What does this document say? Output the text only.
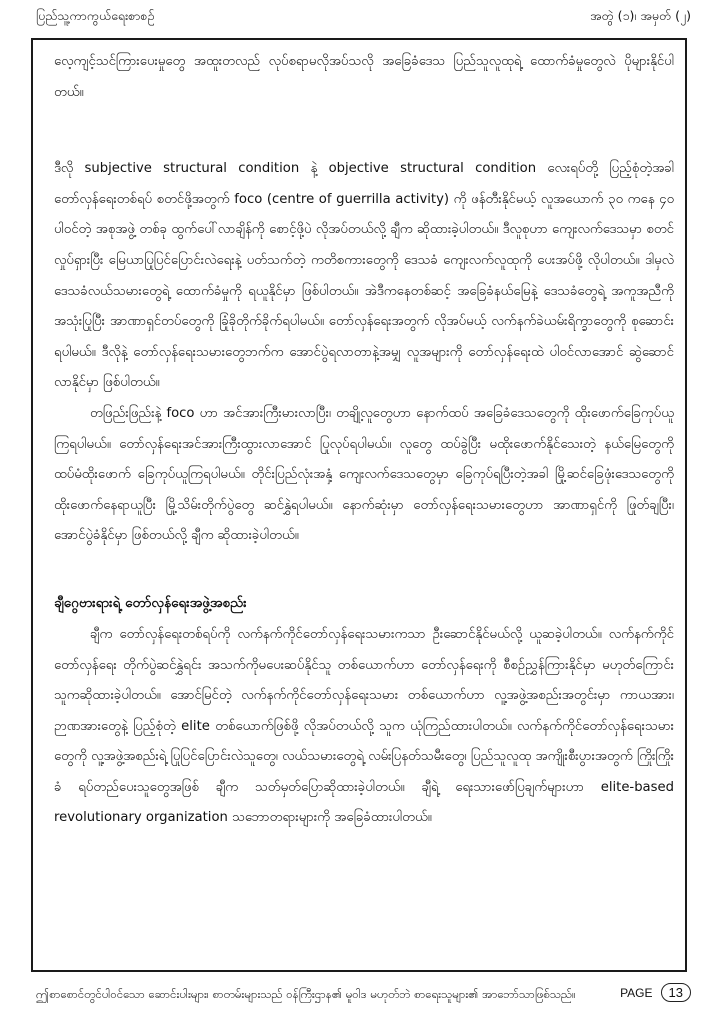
ပြည်သူ့ကာကွယ်ရေးစာစဉ်	အတွဲ (၁)၊ အမှတ် (၂)

လေ့ကျင့်သင်ကြားပေးမှုတွေ အထူးတလည် လုပ်စရာမလိုအပ်သလို အခြေခံဒေသ ပြည်သူလူထုရဲ့ ထောက်ခံမှုတွေလဲ ပိုများနိုင်ပါတယ်။

ဒီလို subjective structural condition နဲ့ objective structural condition လေးရပ်တို့ ပြည့်စုံတဲ့အခါ တော်လှန်ရေးတစ်ရပ် စတင်ဖို့အတွက် foco (centre of guerrilla activity) ကို ဖန်တီးနိုင်မယ့် လူအယောက် ၃၀ ကနေ ၄၀ ပါဝင်တဲ့ အစုအဖွဲ့ တစ်ခု ထွက်ပေါ်လာချိန်ကို စောင့်ဖို့ပဲ လိုအပ်တယ်လို့ ချီက ဆိုထားခဲ့ပါတယ်။ ဒီလူစုဟာ ကျေးလက်ဒေသမှာ စတင်လှုပ်ရှားပြီး မြေယာပြုပြင်ပြောင်းလဲရေးနဲ့ ပတ်သက်တဲ့ ကတိစကားတွေကို ဒေသခံ ကျေးလက်လူထုကို ပေးအပ်ဖို့ လိုပါတယ်။ ဒါမှလဲ ဒေသခံလယ်သမားတွေရဲ့ ထောက်ခံမှုကို ရယူနိုင်မှာ ဖြစ်ပါတယ်။ အဲဒီကနေတစ်ဆင့် အခြေခံနယ်မြေနဲ့ ဒေသခံတွေရဲ့ အကူအညီကို အသုံးပြုပြီး အာဏာရှင်တပ်တွေကို ခြုံခိုတိုက်ခိုက်ရပါမယ်။ တော်လှန်ရေးအတွက် လိုအပ်မယ့် လက်နက်ခဲယမ်းရိက္ခာတွေကို စုဆောင်းရပါမယ်။ ဒီလိုနဲ့ တော်လှန်ရေးသမားတွေဘက်က အောင်ပွဲရလာတာနဲ့အမျှ လူအများကို တော်လှန်ရေးထဲ ပါဝင်လာအောင် ဆွဲဆောင်လာနိုင်မှာ ဖြစ်ပါတယ်။

တဖြည်းဖြည်းနဲ့ foco ဟာ အင်အားကြီးမားလာပြီး၊ တချို့လူတွေဟာ နောက်ထပ် အခြေခံဒေသတွေကို ထိုးဖောက်ခြေကုပ်ယူကြရပါမယ်။ တော်လှန်ရေးအင်အားကြီးထွားလာအောင် ပြုလုပ်ရပါမယ်။ လူတွေ ထပ်ခွဲပြီး မထိုးဖောက်နိုင်သေးတဲ့ နယ်မြေတွေကို ထပ်မံထိုးဖောက် ခြေကုပ်ယူကြရပါမယ်။ တိုင်းပြည်လုံးအနှံ့ ကျေးလက်ဒေသတွေမှာ ခြေကုပ်ရပြီးတဲ့အခါ မြို့ဆင်ခြေဖုံးဒေသတွေကို ထိုးဖောက်နေရာယူပြီး မြို့သိမ်းတိုက်ပွဲတွေ ဆင်နွှဲရပါမယ်။ နောက်ဆုံးမှာ တော်လှန်ရေးသမားတွေဟာ အာဏာရှင်ကို ဖြုတ်ချပြီး၊ အောင်ပွဲခံနိုင်မှာ ဖြစ်တယ်လို့ ချီက ဆိုထားခဲ့ပါတယ်။

ချီဂွေဗားရားရဲ့ တော်လှန်ရေးအဖွဲ့အစည်း

ချီက တော်လှန်ရေးတစ်ရပ်ကို လက်နက်ကိုင်တော်လှန်ရေးသမားကသာ ဦးဆောင်နိုင်မယ်လို့ ယူဆခဲ့ပါတယ်။ လက်နက်ကိုင်တော်လှန်ရေး တိုက်ပွဲဆင်နွှဲရင်း အသက်ကိုမပေးဆပ်နိုင်သူ တစ်ယောက်ဟာ တော်လှန်ရေးကို စီစဉ်ညွှန်ကြားနိုင်မှာ မဟုတ်ကြောင်း သူကဆိုထားခဲ့ပါတယ်။ အောင်မြင်တဲ့ လက်နက်ကိုင်တော်လှန်ရေးသမား တစ်ယောက်ဟာ လူ့အဖွဲ့အစည်းအတွင်းမှာ ကာယအား၊ ဉာဏအားတွေနဲ့ ပြည့်စုံတဲ့ elite တစ်ယောက်ဖြစ်ဖို့ လိုအပ်တယ်လို့ သူက ယုံကြည်ထားပါတယ်။ လက်နက်ကိုင်တော်လှန်ရေးသမားတွေကို လူ့အဖွဲ့အစည်းရဲ့ ပြုပြင်ပြောင်းလဲသူတွေ၊ လယ်သမားတွေရဲ့ လမ်းပြနတ်သမီးတွေ၊ ပြည်သူလူထု အကျိုးစီးပွားအတွက် ကြိုးကြိုးခံ ရပ်တည်ပေးသူတွေအဖြစ် ချီက သတ်မှတ်ပြောဆိုထားခဲ့ပါတယ်။ ချီရဲ့ ရေးသားဖော်ပြချက်များဟာ elite-based revolutionary organization သဘောတရားများကို အခြေခံထားပါတယ်။

ဤစာစောင်တွင်ပါဝင်သော ဆောင်းပါးများ၊ စာတမ်းများသည် ဝန်ကြီးဌာန၏ မူဝါဒ မဟုတ်ဘဲ စာရေးသူများ၏ အာဘော်သာဖြစ်သည်။	PAGE	13
